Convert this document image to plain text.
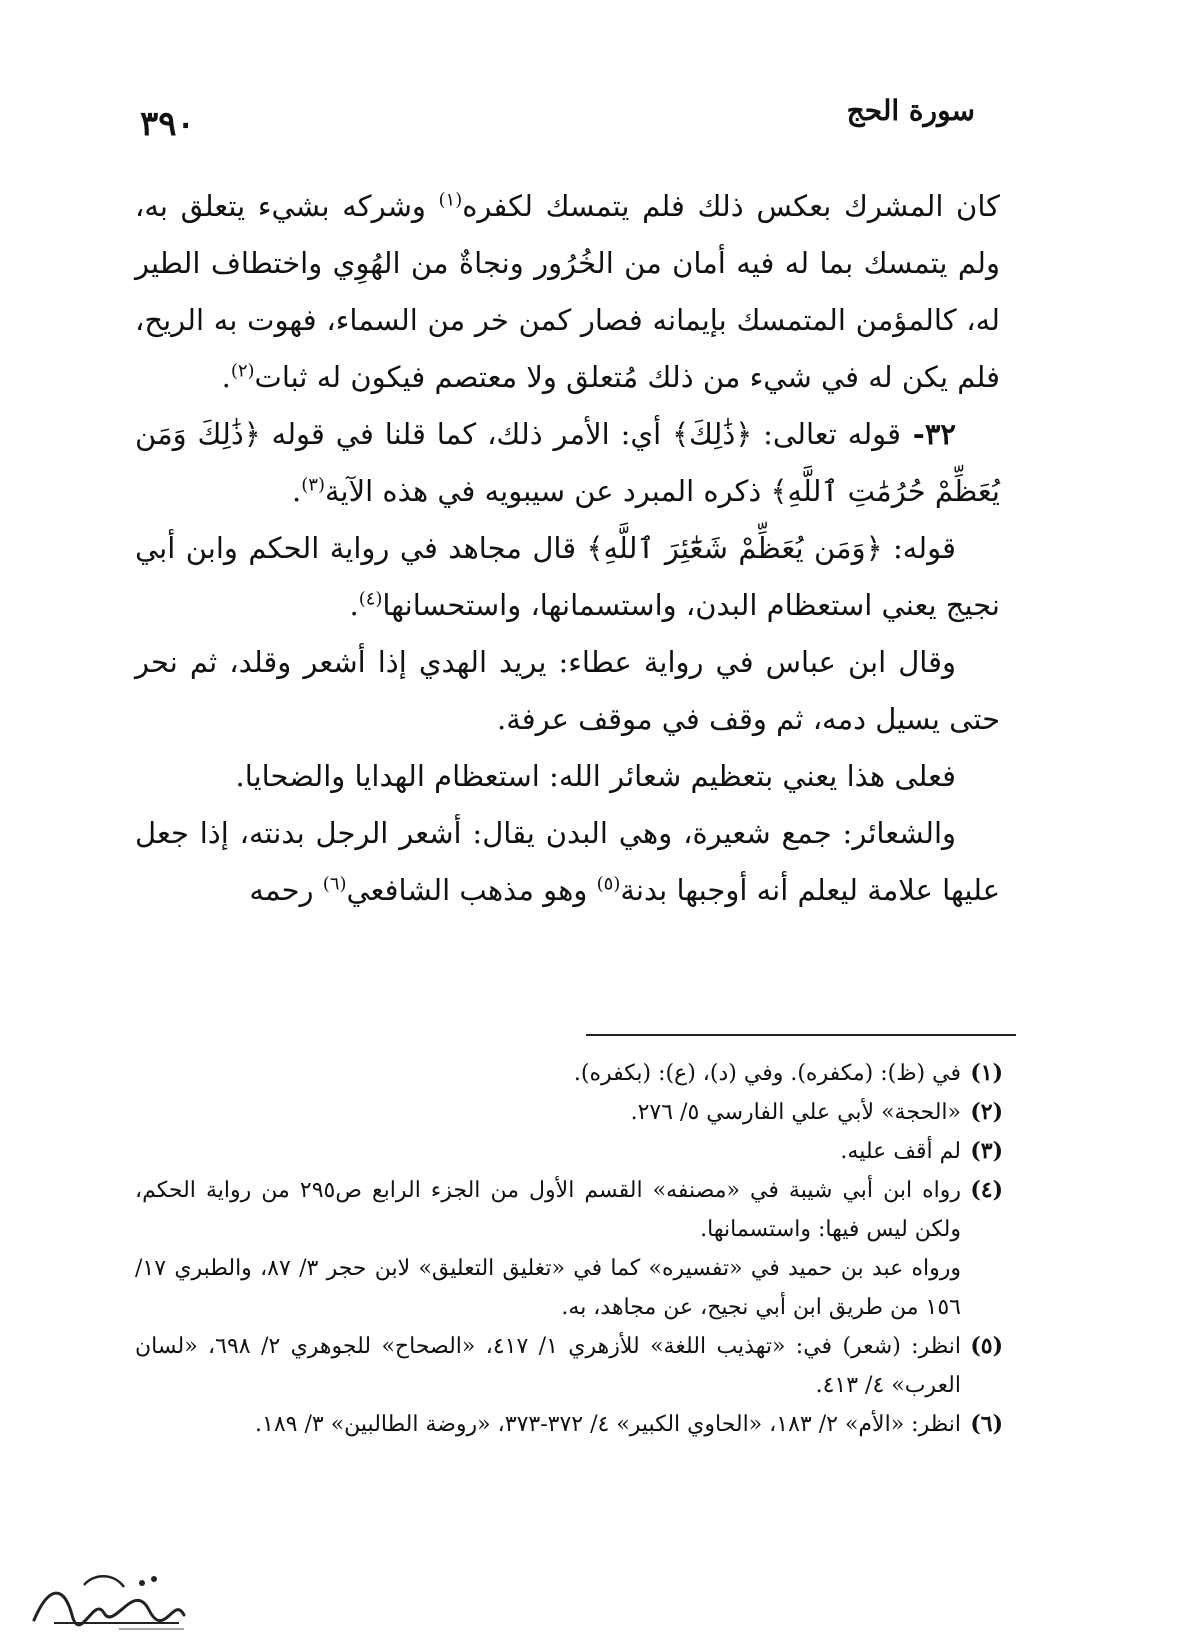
٣٩٠	سورة الحج

كان المشرك بعكس ذلك فلم يتمسك لكفره$^{(١)}$ وشركه بشيء يتعلق به، ولم يتمسك بما له فيه أمان من الخُرُور ونجاةٌ من الهُوِي واختطاف الطير له، كالمؤمن المتمسك بإيمانه فصار كمن خر من السماء، فهوت به الريح، فلم يكن له في شيء من ذلك مُتعلق ولا معتصم فيكون له ثبات$^{(٢)}$.

٣٢- قوله تعالى: ﴿ذَٰلِكَ﴾ أي: الأمر ذلك، كما قلنا في قوله ﴿ذَٰلِكَ وَمَن يُعَظِّمْ حُرُمَٰتِ ٱللَّهِ﴾ ذكره المبرد عن سيبويه في هذه الآية$^{(٣)}$.

قوله: ﴿وَمَن يُعَظِّمْ شَعَٰٓئِرَ ٱللَّهِ﴾ قال مجاهد في رواية الحكم وابن أبي نجيج يعني استعظام البدن، واستسمانها، واستحسانها$^{(٤)}$.

وقال ابن عباس في رواية عطاء: يريد الهدي إذا أشعر وقلد، ثم نحر حتى يسيل دمه، ثم وقف في موقف عرفة.

فعلى هذا يعني بتعظيم شعائر الله: استعظام الهدايا والضحايا.

والشعائر: جمع شعيرة، وهي البدن يقال: أشعر الرجل بدنته، إذا جعل عليها علامة ليعلم أنه أوجبها بدنة$^{(٥)}$ وهو مذهب الشافعي$^{(٦)}$ رحمه

(١)
في (ظ): (مكفره). وفي (د)، (ع): (بكفره).

(٢)
«الحجة» لأبي علي الفارسي ٥/ ٢٧٦.

(٣)
لم أقف عليه.

(٤)
رواه ابن أبي شيبة في «مصنفه» القسم الأول من الجزء الرابع ص٢٩٥ من رواية الحكم، ولكن ليس فيها: واستسمانها.

ورواه عبد بن حميد في «تفسيره» كما في «تغليق التعليق» لابن حجر ٣/ ٨٧، والطبري ١٧/ ١٥٦ من طريق ابن أبي نجيح، عن مجاهد، به.

(٥)
انظر: (شعر) في: «تهذيب اللغة» للأزهري ١/ ٤١٧، «الصحاح» للجوهري ٢/ ٦٩٨، «لسان العرب» ٤/ ٤١٣.

(٦)
انظر: «الأم» ٢/ ١٨٣، «الحاوي الكبير» ٤/ ٣٧٢-٣٧٣، «روضة الطالبين» ٣/ ١٨٩.
